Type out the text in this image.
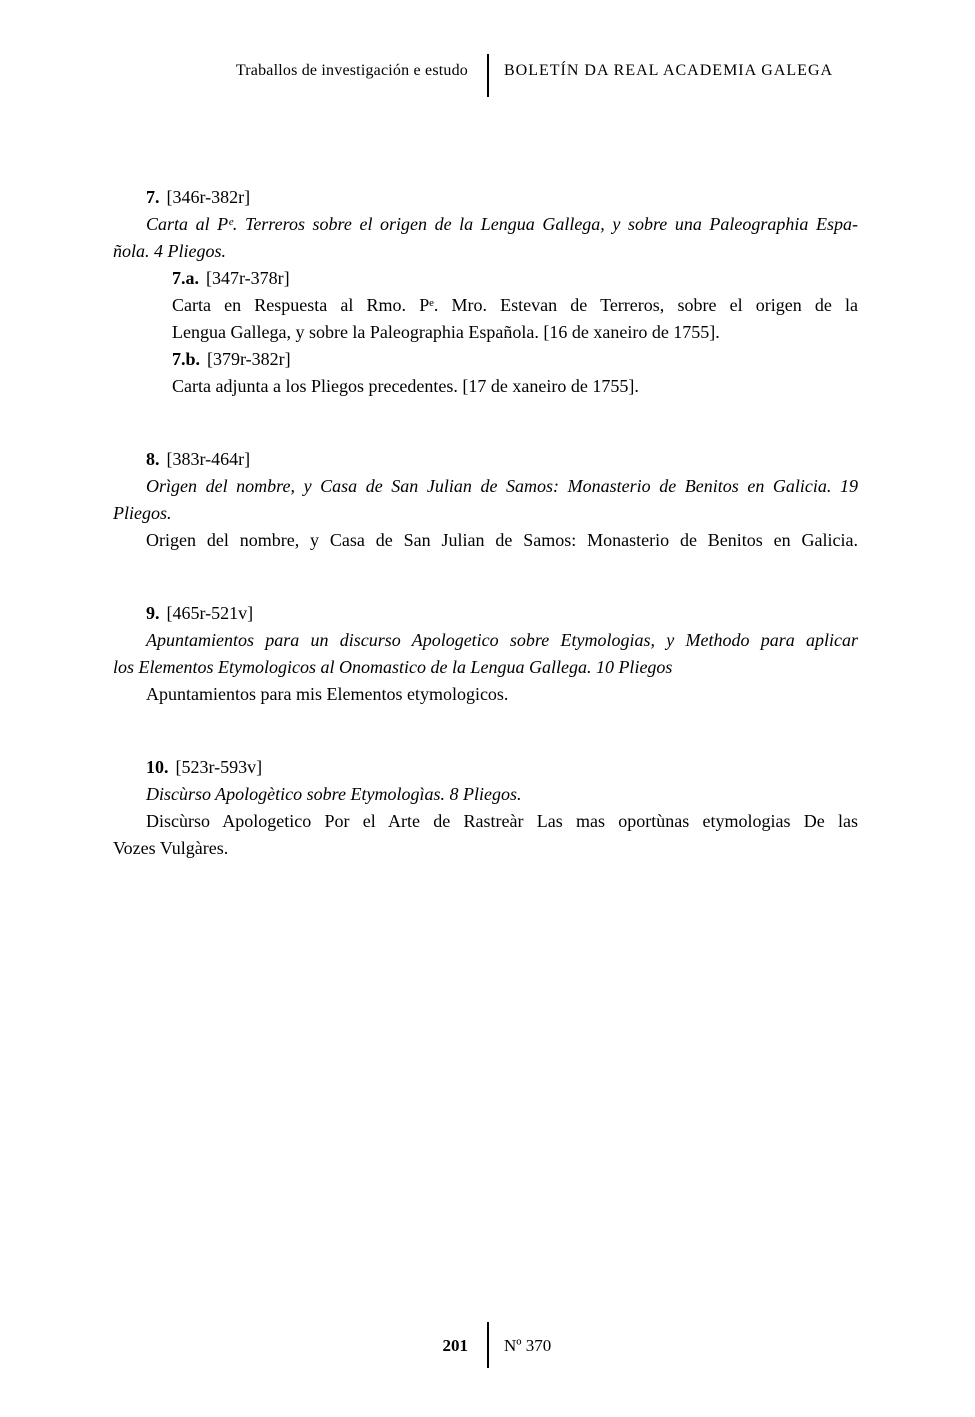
Traballos de investigación e estudo BOLETÍN DA REAL ACADEMIA GALEGA
7. [346r-382r]
Carta al Pᵉ. Terreros sobre el origen de la Lengua Gallega, y sobre una Paleographia Espa-
ñola. 4 Pliegos.
7.a. [347r-378r]
Carta en Respuesta al Rmo. Pᵉ. Mro. Estevan de Terreros, sobre el origen de la
Lengua Gallega, y sobre la Paleographia Española. [16 de xaneiro de 1755].
7.b. [379r-382r]
Carta adjunta a los Pliegos precedentes. [17 de xaneiro de 1755].
8. [383r-464r]
Orìgen del nombre, y Casa de San Julian de Samos: Monasterio de Benitos en Galicia. 19
Pliegos.
Origen del nombre, y Casa de San Julian de Samos: Monasterio de Benitos en Galicia.
9. [465r-521v]
Apuntamientos para un discurso Apologetico sobre Etymologias, y Methodo para aplicar
los Elementos Etymologicos al Onomastico de la Lengua Gallega. 10 Pliegos
Apuntamientos para mis Elementos etymologicos.
10. [523r-593v]
Discùrso Apologètico sobre Etymologìas. 8 Pliegos.
Discùrso Apologetico Por el Arte de Rastreàr Las mas oportùnas etymologias De las
Vozes Vulgàres.
201 Nº 370
